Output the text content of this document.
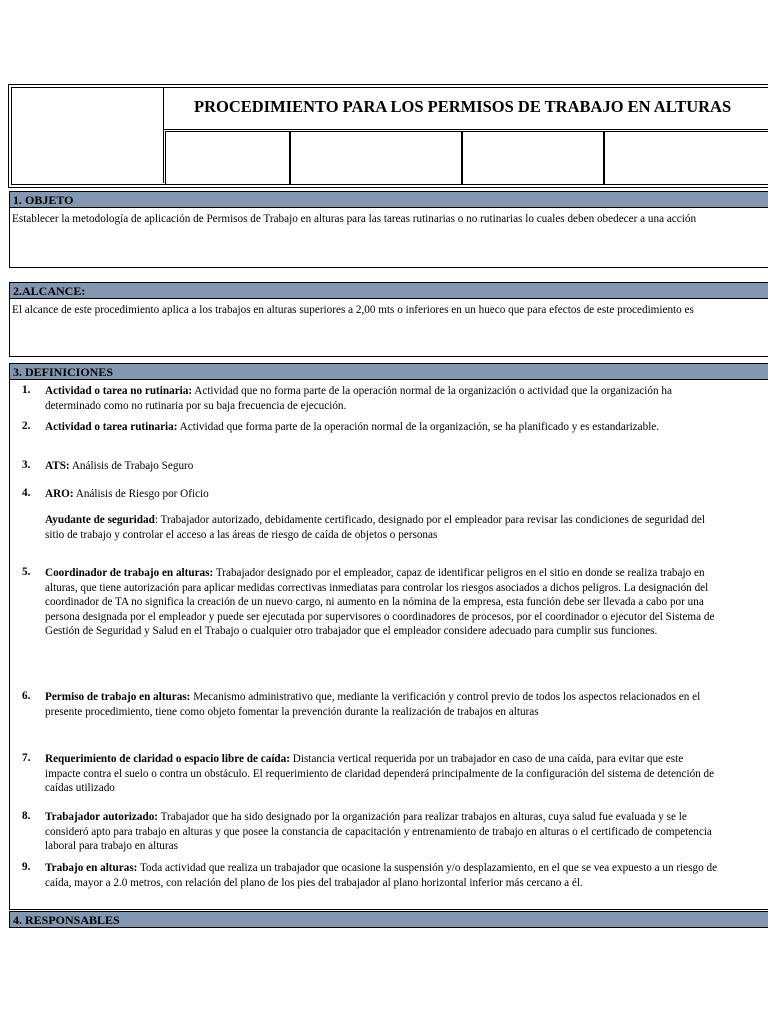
PROCEDIMIENTO PARA LOS PERMISOS DE TRABAJO EN ALTURAS
1. OBJETO
Establecer la metodología de aplicación de Permisos de Trabajo en alturas para las tareas rutinarias o no rutinarias lo cuales deben obedecer a una acción
2.ALCANCE:
El alcance de este procedimiento aplica a los trabajos en alturas superiores a 2,00 mts o inferiores en un hueco que para efectos de este procedimiento es
3. DEFINICIONES
1. Actividad o tarea no rutinaria: Actividad que no forma parte de la operación normal de la organización o actividad que la organización ha
determinado como no rutinaria por su baja frecuencia de ejecución.
2. Actividad o tarea rutinaria: Actividad que forma parte de la operación normal de la organización, se ha planificado y es estandarizable.
3. ATS: Análisis de Trabajo Seguro
4. ARO: Análisis de Riesgo por Oficio
Ayudante de seguridad: Trabajador autorizado, debidamente certificado, designado por el empleador para revisar las condiciones de seguridad del
sitio de trabajo y controlar el acceso a las áreas de riesgo de caída de objetos o personas
5. Coordinador de trabajo en alturas: Trabajador designado por el empleador, capaz de identificar peligros en el sitio en donde se realiza trabajo en
alturas, que tiene autorización para aplicar medidas correctivas inmediatas para controlar los riesgos asociados a dichos peligros. La designación del
coordinador de TA no significa la creación de un nuevo cargo, ni aumento en la nómina de la empresa, esta función debe ser llevada a cabo por una
persona designada por el empleador y puede ser ejecutada por supervisores o coordinadores de procesos, por el coordinador o ejecutor del Sistema de
Gestión de Seguridad y Salud en el Trabajo o cualquier otro trabajador que el empleador considere adecuado para cumplir sus funciones.
6. Permiso de trabajo en alturas: Mecanismo administrativo que, mediante la verificación y control previo de todos los aspectos relacionados en el
presente procedimiento, tiene como objeto fomentar la prevención durante la realización de trabajos en alturas
7. Requerimiento de claridad o espacio libre de caída: Distancia vertical requerida por un trabajador en caso de una caída, para evitar que este
impacte contra el suelo o contra un obstáculo. El requerimiento de claridad dependerá principalmente de la configuración del sistema de detención de
caídas utilizado
8. Trabajador autorizado: Trabajador que ha sido designado por la organización para realizar trabajos en alturas, cuya salud fue evaluada y se le
consideró apto para trabajo en alturas y que posee la constancia de capacitación y entrenamiento de trabajo en alturas o el certificado de competencia
laboral para trabajo en alturas
9. Trabajo en alturas: Toda actividad que realiza un trabajador que ocasione la suspensión y/o desplazamiento, en el que se vea expuesto a un riesgo de
caída, mayor a 2.0 metros, con relación del plano de los pies del trabajador al plano horizontal inferior más cercano a él.
4. RESPONSABLES
